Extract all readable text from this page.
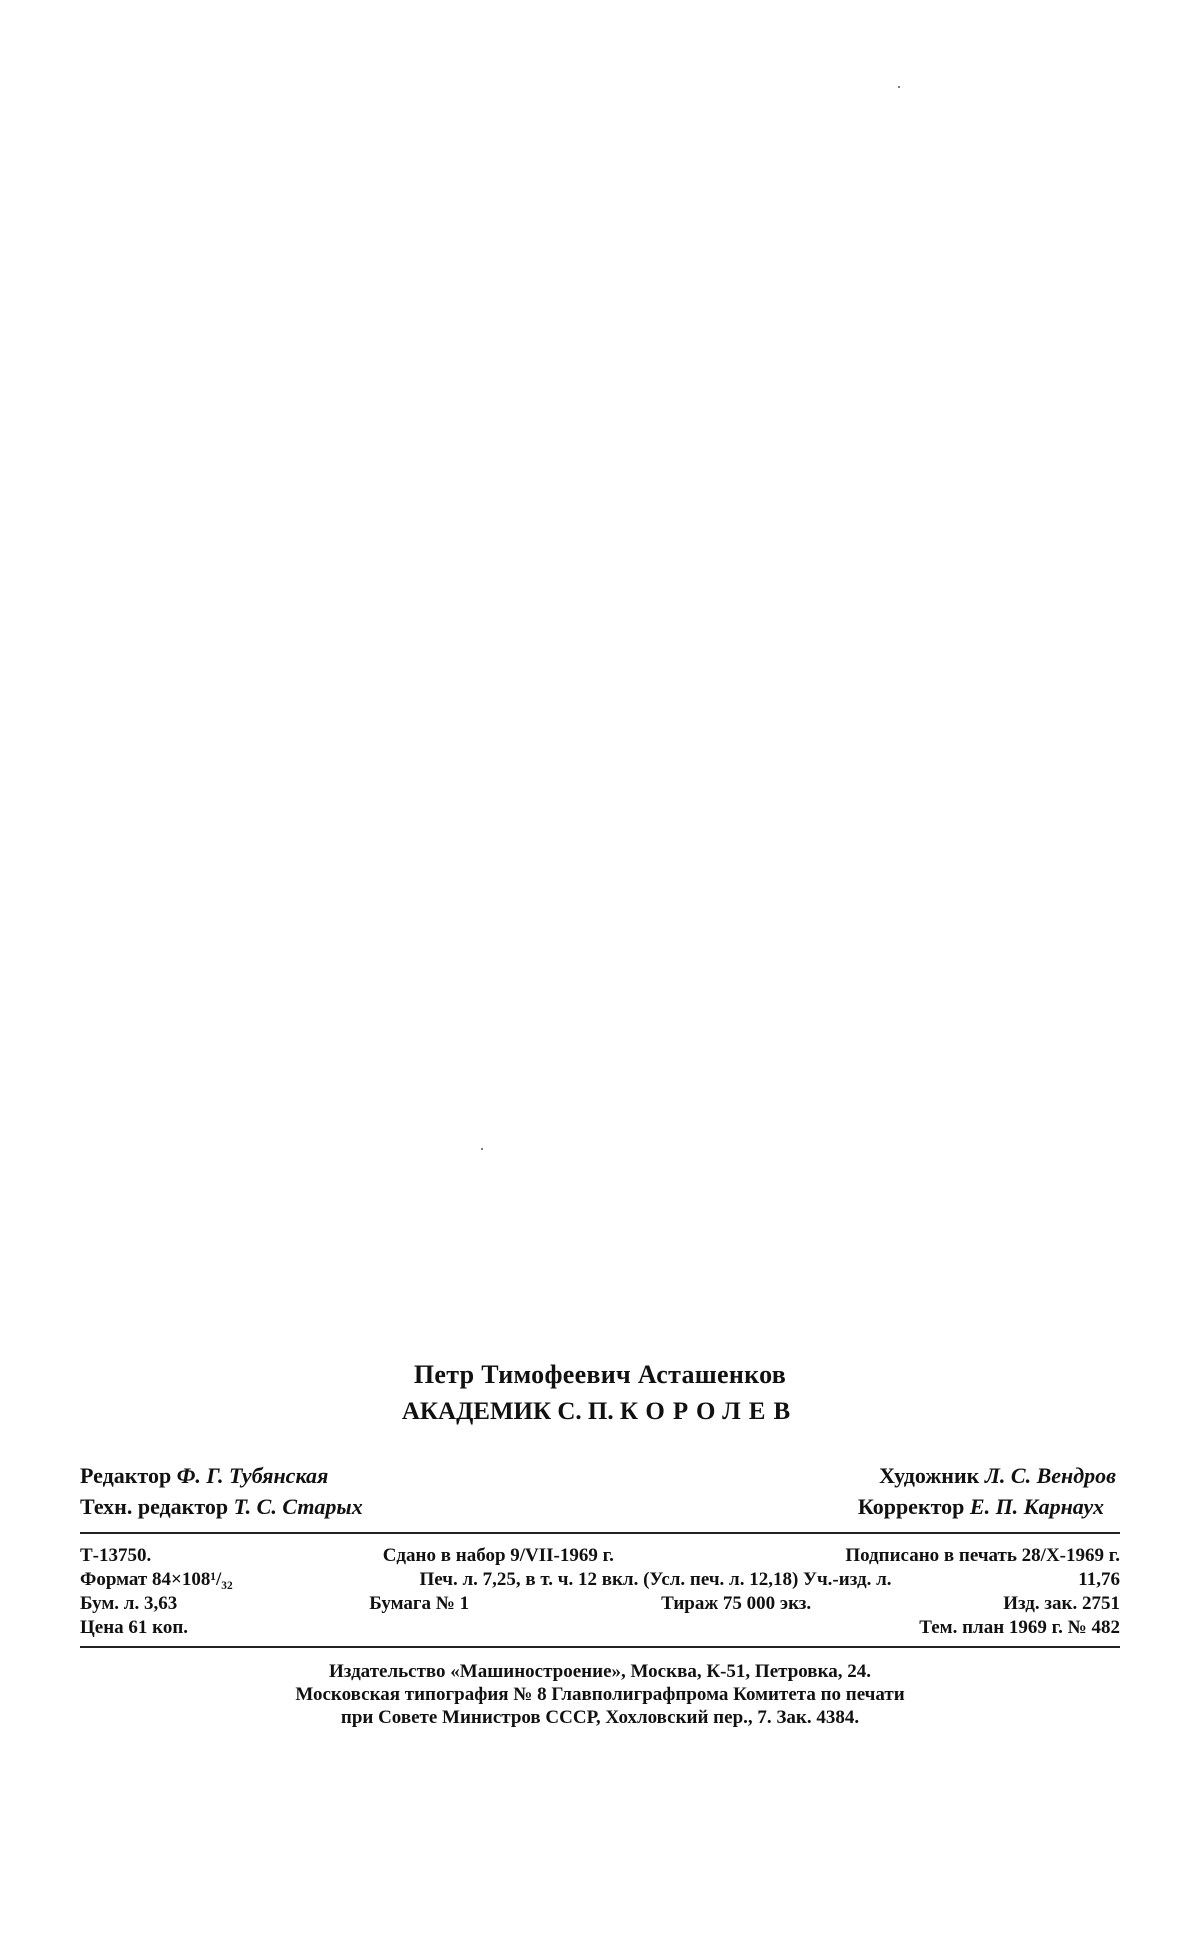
Петр Тимофеевич Асташенков
АКАДЕМИК С. П. КОРОЛЕВ
Редактор Ф. Г. Тубянская	Художник Л. С. Вендров
Техн. редактор Т. С. Старых	Корректор Е. П. Карнаух
Т-13750.	Сдано в набор 9/VII-1969 г.	Подписано в печать 28/X-1969 г.
Формат 84×108¹/₃₂	Печ. л. 7,25, в т. ч. 12 вкл. (Усл. печ. л. 12,18) Уч.-изд. л.	11,76
Бум. л. 3,63	Бумага № 1	Тираж 75 000 экз.	Изд. зак. 2751
Цена 61 коп.	Тем. план 1969 г. № 482
Издательство «Машиностроение», Москва, К-51, Петровка, 24.
Московская типография № 8 Главполиграфпрома Комитета по печати
при Совете Министров СССР, Хохловский пер., 7. Зак. 4384.
